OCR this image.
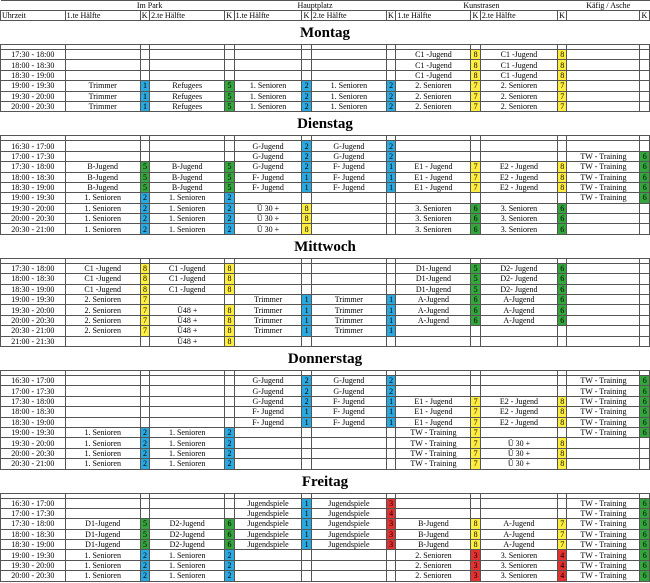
	Im Park				Hauptplatz				Kunstrasen				Käfig / Asche	
Uhrzeit	1.te Hälfte	K	2.te Hälfte	K	1.te Hälfte	K	2.te Hälfte	K	1.te Hälfte	K	2.te Hälfte	K		K
Montag														

17:30 - 18:00									C1 -Jugend	8	C1 -Jugend	8		
18:00 - 18:30									C1 -Jugend	8	C1 -Jugend	8		
18:30 - 19:00									C1 -Jugend	8	C1 -Jugend	8		
19:00 - 19:30	Trimmer	1	Refugees	5	1. Senioren	2	1. Senioren	2	2. Senioren	7	2. Senioren	7		
19:30 - 20:00	Trimmer	1	Refugees	5	1. Senioren	2	1. Senioren	2	2. Senioren	7	2. Senioren	7		
20:00 - 20:30	Trimmer	1	Refugees	5	1. Senioren	2	1. Senioren	2	2. Senioren	7	2. Senioren	7		
Dienstag														

16:30 - 17:00					G-Jugend	2	G-Jugend	2						
17:00 - 17:30					G-Jugend	2	G-Jugend	2					TW - Training	6
17:30 - 18:00	B-Jugend	5	B-Jugend	5	G-Jugend	2	F- Jugend	1	E1 - Jugend	7	E2 - Jugend	8	TW - Training	6
18:00 - 18:30	B-Jugend	5	B-Jugend	5	F- Jugend	1	F- Jugend	1	E1 - Jugend	7	E2 - Jugend	8	TW - Training	6
18:30 - 19:00	B-Jugend	5	B-Jugend	5	F- Jugend	1	F- Jugend	1	E1 - Jugend	7	E2 - Jugend	8	TW - Training	6
19:00 - 19:30	1. Senioren	2	1. Senioren	2									TW - Training	6
19:30 - 20:00	1. Senioren	2	1. Senioren	2	Ü 30 +	8			3. Senioren	6	3. Senioren	6		
20:00 - 20:30	1. Senioren	2	1. Senioren	2	Ü 30 +	8			3. Senioren	6	3. Senioren	6		
20:30 - 21:00	1. Senioren	2	1. Senioren	2	Ü 30 +	8			3. Senioren	6	3. Senioren	6		
Mittwoch														

17:30 - 18:00	C1 -Jugend	8	C1 -Jugend	8					D1-Jugend	5	D2- Jugend	6		
18:00 - 18:30	C1 -Jugend	8	C1 -Jugend	8					D1-Jugend	5	D2- Jugend	6		
18:30 - 19:00	C1 -Jugend	8	C1 -Jugend	8					D1-Jugend	5	D2- Jugend	6		
19:00 - 19:30	2. Senioren	7			Trimmer	1	Trimmer	1	A-Jugend	6	A-Jugend	6		
19:30 - 20:00	2. Senioren	7	Ü48 +	8	Trimmer	1	Trimmer	1	A-Jugend	6	A-Jugend	6		
20:00 - 20:30	2. Senioren	7	Ü48 +	8	Trimmer	1	Trimmer	1	A-Jugend	6	A-Jugend	6		
20:30 - 21:00	2. Senioren	7	Ü48 +	8	Trimmer	1	Trimmer	1						
21:00 - 21:30			Ü48 +	8										
Donnerstag														

16:30 - 17:00					G-Jugend	2	G-Jugend	2					TW - Training	6
17:00 - 17:30					G-Jugend	2	G-Jugend	2					TW - Training	6
17:30 - 18:00					G-Jugend	2	F- Jugend	1	E1 - Jugend	7	E2 - Jugend	8	TW - Training	6
18:00 - 18:30					F- Jugend	1	F- Jugend	1	E1 - Jugend	7	E2 - Jugend	8	TW - Training	6
18:30 - 19:00					F- Jugend	1	F- Jugend	1	E1 - Jugend	7	E2 - Jugend	8	TW - Training	6
19:00 - 19:30	1. Senioren	2	1. Senioren	2					TW - Training	7			TW - Training	6
19:30 - 20:00	1. Senioren	2	1. Senioren	2					TW - Training	7	Ü 30 +	8		
20:00 - 20:30	1. Senioren	2	1. Senioren	2					TW - Training	7	Ü 30 +	8		
20:30 - 21:00	1. Senioren	2	1. Senioren	2					TW - Training	7	Ü 30 +	8		
Freitag														

16:30 - 17:00					Jugendspiele	1	Jugendspiele	3					TW - Training	6
17:00 - 17:30					Jugendspiele	1	Jugendspiele	4					TW - Training	6
17:30 - 18:00	D1-Jugend	5	D2-Jugend	6	Jugendspiele	1	Jugendspiele	3	B-Jugend	8	A-Jugend	7	TW - Training	6
18:00 - 18:30	D1-Jugend	5	D2-Jugend	6	Jugendspiele	1	Jugendspiele	3	B-Jugend	8	A-Jugend	7	TW - Training	6
18:30 - 19:00	D1-Jugend	5	D2-Jugend	6	Jugendspiele	1	Jugendspiele	3	B-Jugend	8	A-Jugend	7	TW - Training	6
19:00 - 19:30	1. Senioren	2	1. Senioren	2					2. Senioren	3	3. Senioren	4	TW - Training	6
19:30 - 20:00	1. Senioren	2	1. Senioren	2					2. Senioren	3	3. Senioren	4	TW - Training	6
20:00 - 20:30	1. Senioren	2	1. Senioren	2					2. Senioren	3	3. Senioren	4	TW - Training	6
